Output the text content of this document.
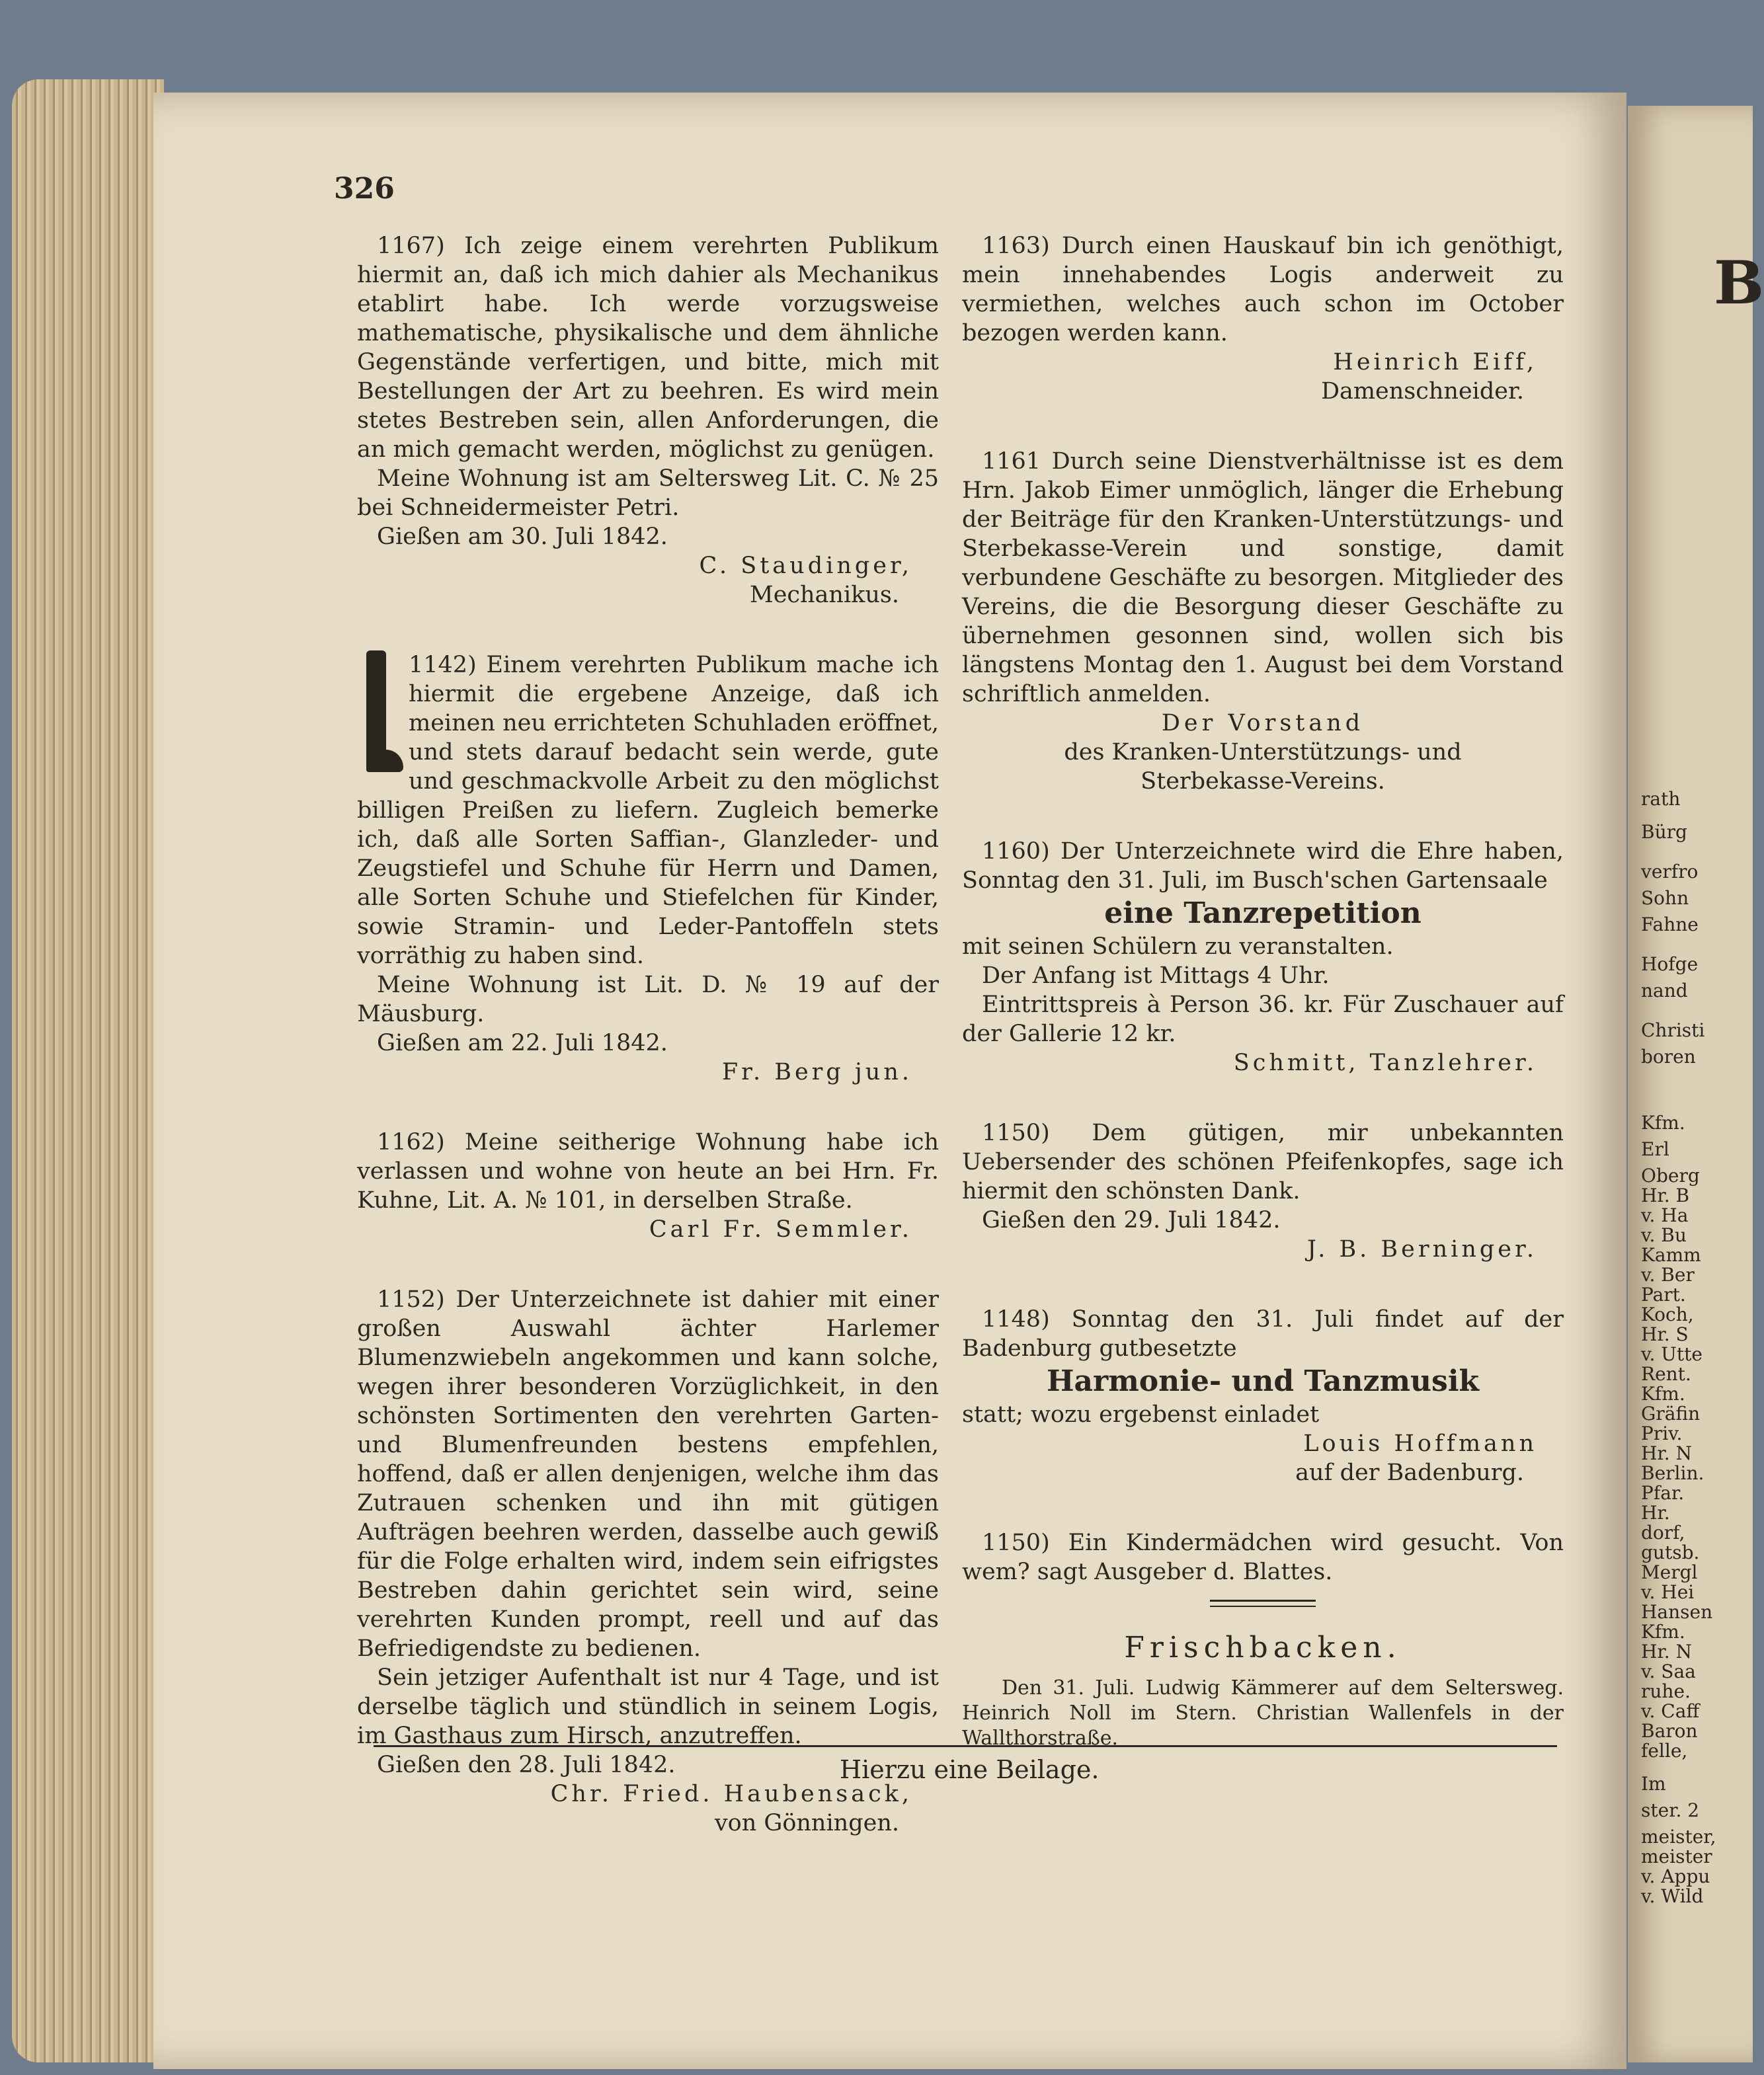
B
rath
Bürg
verfro
Sohn
Fahne
Hofge
nand
Christi
boren
Kfm.
Erl
Oberg
Hr. B
v. Ha
v. Bu
Kamm
v. Ber
Part.
Koch,
Hr. S
v. Utte
Rent.
Kfm.
Gräfin
Priv.
Hr. N
Berlin.
Pfar.
Hr.
dorf,
gutsb.
Mergl
v. Hei
Hansen
Kfm.
Hr. N
v. Saa
ruhe.
v. Caff
Baron
felle,
Im
ster. 2
meister,
meister
v. Appu
v. Wild
326

1167) Ich zeige einem verehrten Publikum hiermit an, daß ich mich dahier als Mechanikus etablirt habe. Ich werde vorzugsweise mathematische, physikalische und dem ähnliche Gegenstände verfertigen, und bitte, mich mit Bestellungen der Art zu beehren. Es wird mein stetes Bestreben sein, allen Anforderungen, die an mich gemacht werden, möglichst zu genügen.

Meine Wohnung ist am Seltersweg Lit. C. № 25 bei Schneidermeister Petri.

Gießen am 30. Juli 1842.

C. Staudinger,

Mechanikus.

1142) Einem verehrten Publikum mache ich hiermit die ergebene Anzeige, daß ich meinen neu errichteten Schuhladen eröffnet, und stets darauf bedacht sein werde, gute und geschmackvolle Arbeit zu den möglichst billigen Preißen zu liefern. Zugleich bemerke ich, daß alle Sorten Saffian-, Glanzleder- und Zeugstiefel und Schuhe für Herrn und Damen, alle Sorten Schuhe und Stiefelchen für Kinder, sowie Stramin- und Leder-Pantoffeln stets vorräthig zu haben sind.

Meine Wohnung ist Lit. D. № 19 auf der Mäusburg.

Gießen am 22. Juli 1842.

Fr. Berg jun.

1162) Meine seitherige Wohnung habe ich verlassen und wohne von heute an bei Hrn. Fr. Kuhne, Lit. A. № 101, in derselben Straße.

Carl Fr. Semmler.

1152) Der Unterzeichnete ist dahier mit einer großen Auswahl ächter Harlemer Blumenzwiebeln angekommen und kann solche, wegen ihrer besonderen Vorzüglichkeit, in den schönsten Sortimenten den verehrten Garten- und Blumenfreunden bestens empfehlen, hoffend, daß er allen denjenigen, welche ihm das Zutrauen schenken und ihn mit gütigen Aufträgen beehren werden, dasselbe auch gewiß für die Folge erhalten wird, indem sein eifrigstes Bestreben dahin gerichtet sein wird, seine verehrten Kunden prompt, reell und auf das Befriedigendste zu bedienen.

Sein jetziger Aufenthalt ist nur 4 Tage, und ist derselbe täglich und stündlich in seinem Logis, im Gasthaus zum Hirsch, anzutreffen.

Gießen den 28. Juli 1842.

Chr. Fried. Haubensack,

von Gönningen.

1163) Durch einen Hauskauf bin ich genöthigt, mein innehabendes Logis anderweit zu vermiethen, welches auch schon im October bezogen werden kann.

Heinrich Eiff,

Damenschneider.

1161 Durch seine Dienstverhältnisse ist es dem Hrn. Jakob Eimer unmöglich, länger die Erhebung der Beiträge für den Kranken-Unterstützungs- und Sterbekasse-Verein und sonstige, damit verbundene Geschäfte zu besorgen. Mitglieder des Vereins, die die Besorgung dieser Geschäfte zu übernehmen gesonnen sind, wollen sich bis längstens Montag den 1. August bei dem Vorstand schriftlich anmelden.

Der Vorstand

des Kranken-Unterstützungs- und

Sterbekasse-Vereins.

1160) Der Unterzeichnete wird die Ehre haben, Sonntag den 31. Juli, im Busch'schen Gartensaale

eine Tanzrepetition

mit seinen Schülern zu veranstalten.

Der Anfang ist Mittags 4 Uhr.

Eintrittspreis à Person 36. kr. Für Zuschauer auf der Gallerie 12 kr.

Schmitt, Tanzlehrer.

1150) Dem gütigen, mir unbekannten Uebersender des schönen Pfeifenkopfes, sage ich hiermit den schönsten Dank.

Gießen den 29. Juli 1842.

J. B. Berninger.

1148) Sonntag den 31. Juli findet auf der Badenburg gutbesetzte

Harmonie- und Tanzmusik

statt; wozu ergebenst einladet

Louis Hoffmann

auf der Badenburg.

1150) Ein Kindermädchen wird gesucht. Von wem? sagt Ausgeber d. Blattes.

Frischbacken.

Den 31. Juli. Ludwig Kämmerer auf dem Seltersweg. Heinrich Noll im Stern. Christian Wallenfels in der Wallthorstraße.

Hierzu eine Beilage.
